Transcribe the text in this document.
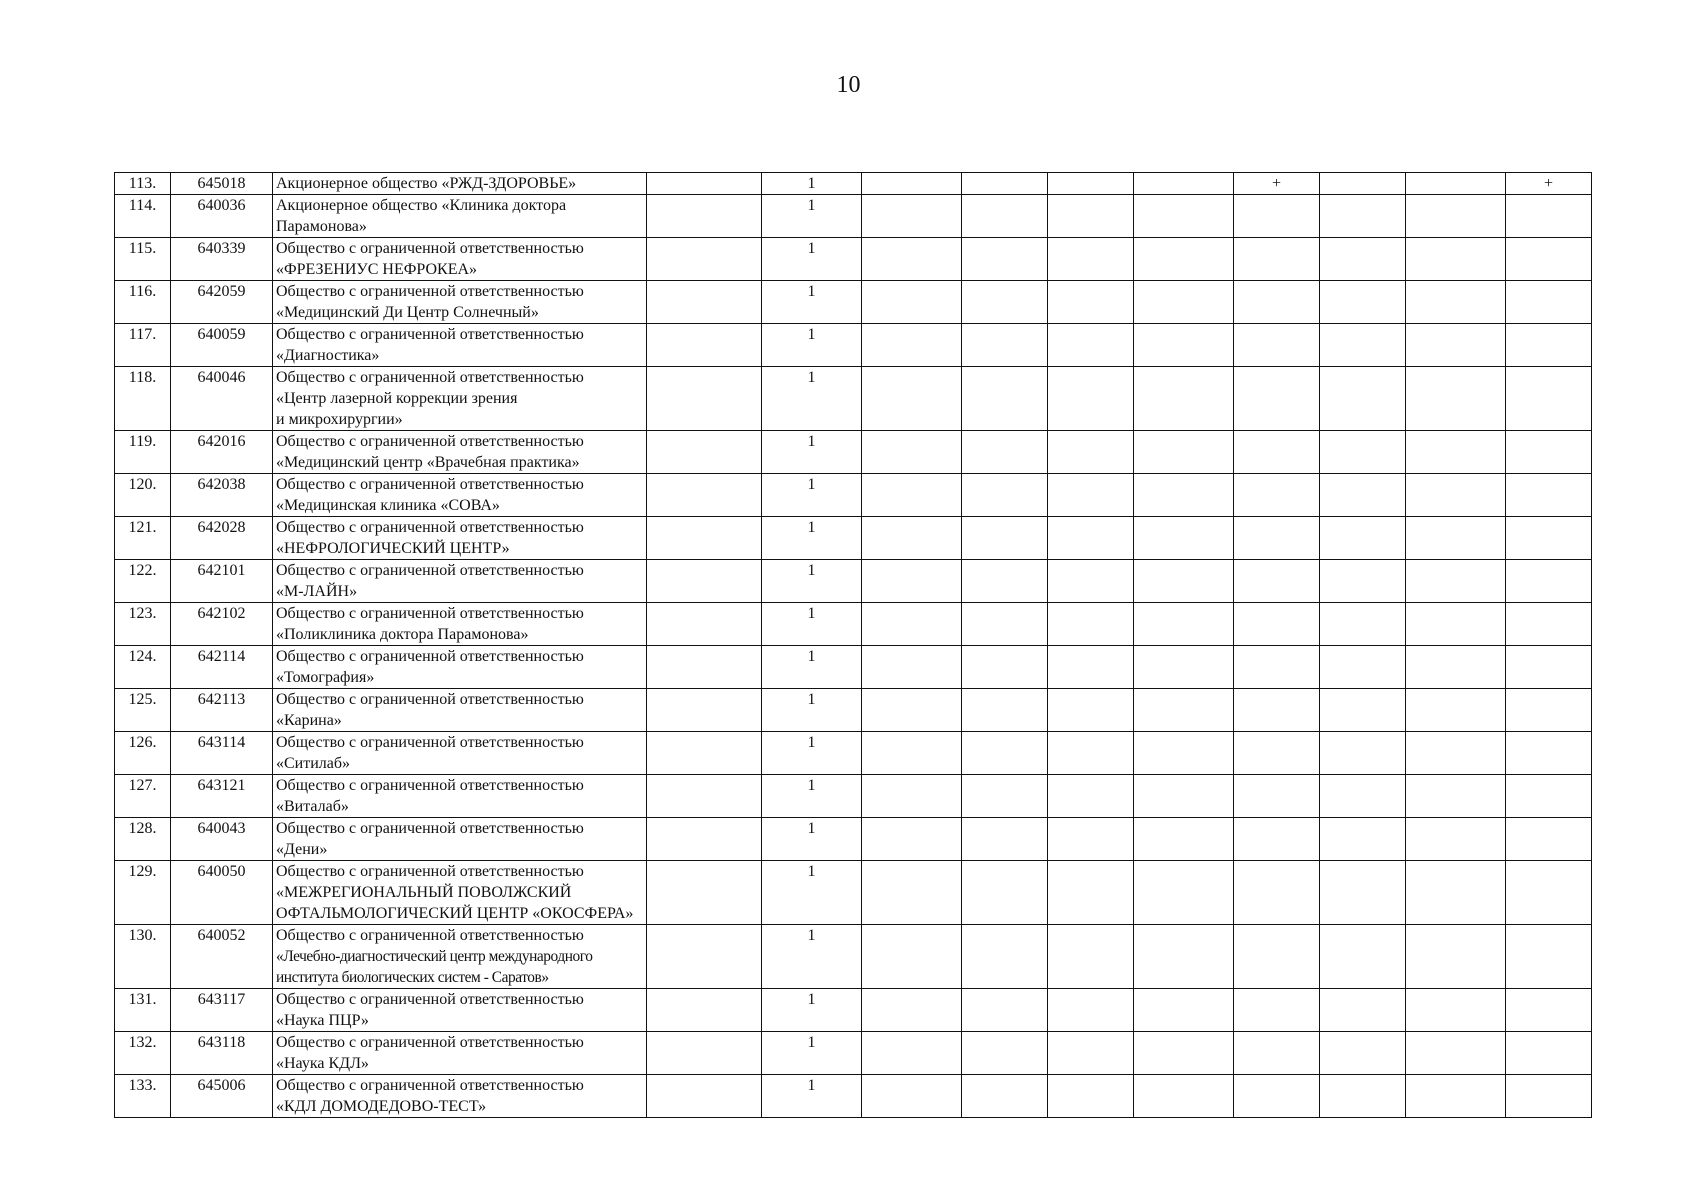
10
113.	645018	Акционерное общество «РЖД-ЗДОРОВЬЕ»		1					+			+
114.	640036	Акционерное общество «Клиника доктора
Парамонова»		1								
115.	640339	Общество с ограниченной ответственностью
«ФРЕЗЕНИУС НЕФРОКЕА»		1								
116.	642059	Общество с ограниченной ответственностью
«Медицинский Ди Центр Солнечный»		1								
117.	640059	Общество с ограниченной ответственностью
«Диагностика»		1								
118.	640046	Общество с ограниченной ответственностью
«Центр лазерной коррекции зрения
и микрохирургии»		1								
119.	642016	Общество с ограниченной ответственностью
«Медицинский центр «Врачебная практика»		1								
120.	642038	Общество с ограниченной ответственностью
«Медицинская клиника «СОВА»		1								
121.	642028	Общество с ограниченной ответственностью
«НЕФРОЛОГИЧЕСКИЙ ЦЕНТР»		1								
122.	642101	Общество с ограниченной ответственностью
«М-ЛАЙН»		1								
123.	642102	Общество с ограниченной ответственностью
«Поликлиника доктора Парамонова»		1								
124.	642114	Общество с ограниченной ответственностью
«Томография»		1								
125.	642113	Общество с ограниченной ответственностью
«Карина»		1								
126.	643114	Общество с ограниченной ответственностью
«Ситилаб»		1								
127.	643121	Общество с ограниченной ответственностью
«Виталаб»		1								
128.	640043	Общество с ограниченной ответственностью
«Дени»		1								
129.	640050	Общество с ограниченной ответственностью
«МЕЖРЕГИОНАЛЬНЫЙ ПОВОЛЖСКИЙ
ОФТАЛЬМОЛОГИЧЕСКИЙ ЦЕНТР «ОКОСФЕРА»		1								
130.	640052	Общество с ограниченной ответственностью
«Лечебно-диагностический центр международного
института биологических систем - Саратов»		1								
131.	643117	Общество с ограниченной ответственностью
«Наука ПЦР»		1								
132.	643118	Общество с ограниченной ответственностью
«Наука КДЛ»		1								
133.	645006	Общество с ограниченной ответственностью
«КДЛ ДОМОДЕДОВО-ТЕСТ»		1								
